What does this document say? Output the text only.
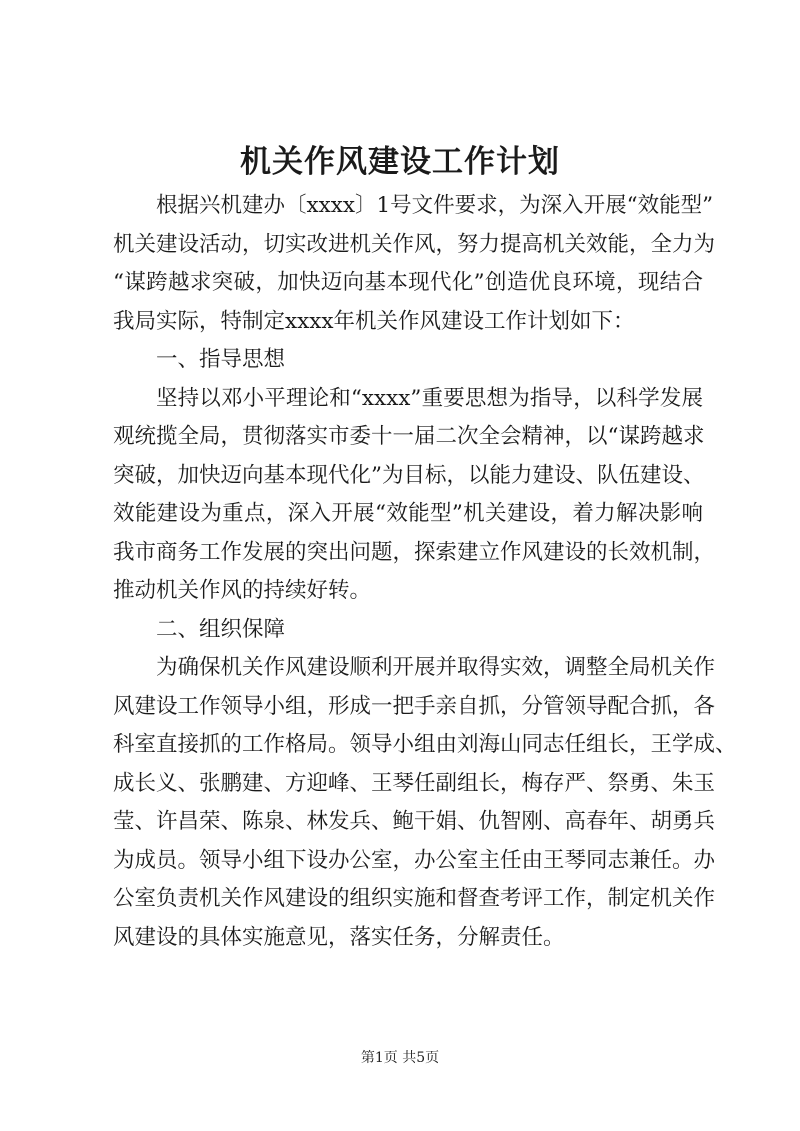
机关作风建设工作计划
根据兴机建办〔xxxx〕1号文件要求，为深入开展“效能型”
机关建设活动，切实改进机关作风，努力提高机关效能，全力为
“谋跨越求突破，加快迈向基本现代化”创造优良环境，现结合
我局实际，特制定xxxx年机关作风建设工作计划如下：
一、指导思想
坚持以邓小平理论和“xxxx”重要思想为指导，以科学发展
观统揽全局，贯彻落实市委十一届二次全会精神，以“谋跨越求
突破，加快迈向基本现代化”为目标，以能力建设、队伍建设、
效能建设为重点，深入开展“效能型”机关建设，着力解决影响
我市商务工作发展的突出问题，探索建立作风建设的长效机制，
推动机关作风的持续好转。
二、组织保障
为确保机关作风建设顺利开展并取得实效，调整全局机关作
风建设工作领导小组，形成一把手亲自抓，分管领导配合抓，各
科室直接抓的工作格局。领导小组由刘海山同志任组长，王学成、
成长义、张鹏建、方迎峰、王琴任副组长，梅存严、祭勇、朱玉
莹、许昌荣、陈泉、林发兵、鲍干娟、仇智刚、高春年、胡勇兵
为成员。领导小组下设办公室，办公室主任由王琴同志兼任。办
公室负责机关作风建设的组织实施和督查考评工作，制定机关作
风建设的具体实施意见，落实任务，分解责任。
第1页 共5页
